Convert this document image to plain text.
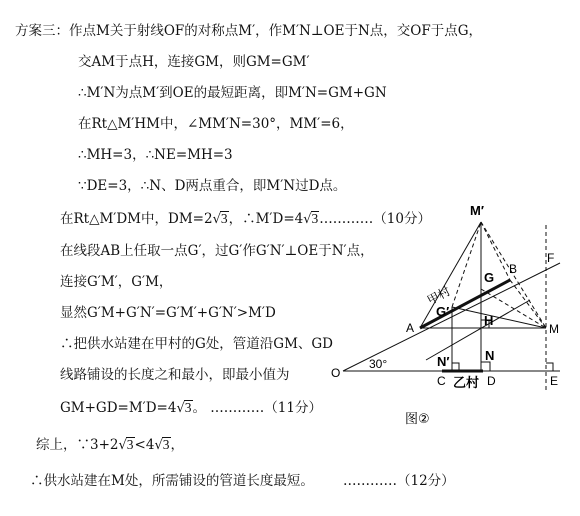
方案三：作点M关于射线OF的对称点M′，作M′N⊥OE于N点，交OF于点G，
交AM于点H，连接GM，则GM=GM′
∴M′N为点M′到OE的最短距离，即M′N=GM+GN
在Rt△M′HM中，∠MM′N=30°，MM′=6，
∴MH=3，∴NE=MH=3
∵DE=3，∴N、D两点重合，即M′N过D点。
在Rt△M′DM中，DM=2√3，∴M′D=4√3…………（10分）
在线段AB上任取一点G′，过G′作G′N′⊥OE于N′点，
连接G′M′，G′M，
显然G′M+G′N′=G′M′+G′N′>M′D
∴把供水站建在甲村的G处，管道沿GM、GD
线路铺设的长度之和最小，即最小值为
GM+GD=M′D=4√3。 …………（11分）
综上，∵3+2√3<4√3，
∴供水站建在M处，所需铺设的管道长度最短。 …………（12分）
M′
G
B
F
甲村
A
G′
H
M
30°
O
N′	N
C 乙村 D	E
图②
